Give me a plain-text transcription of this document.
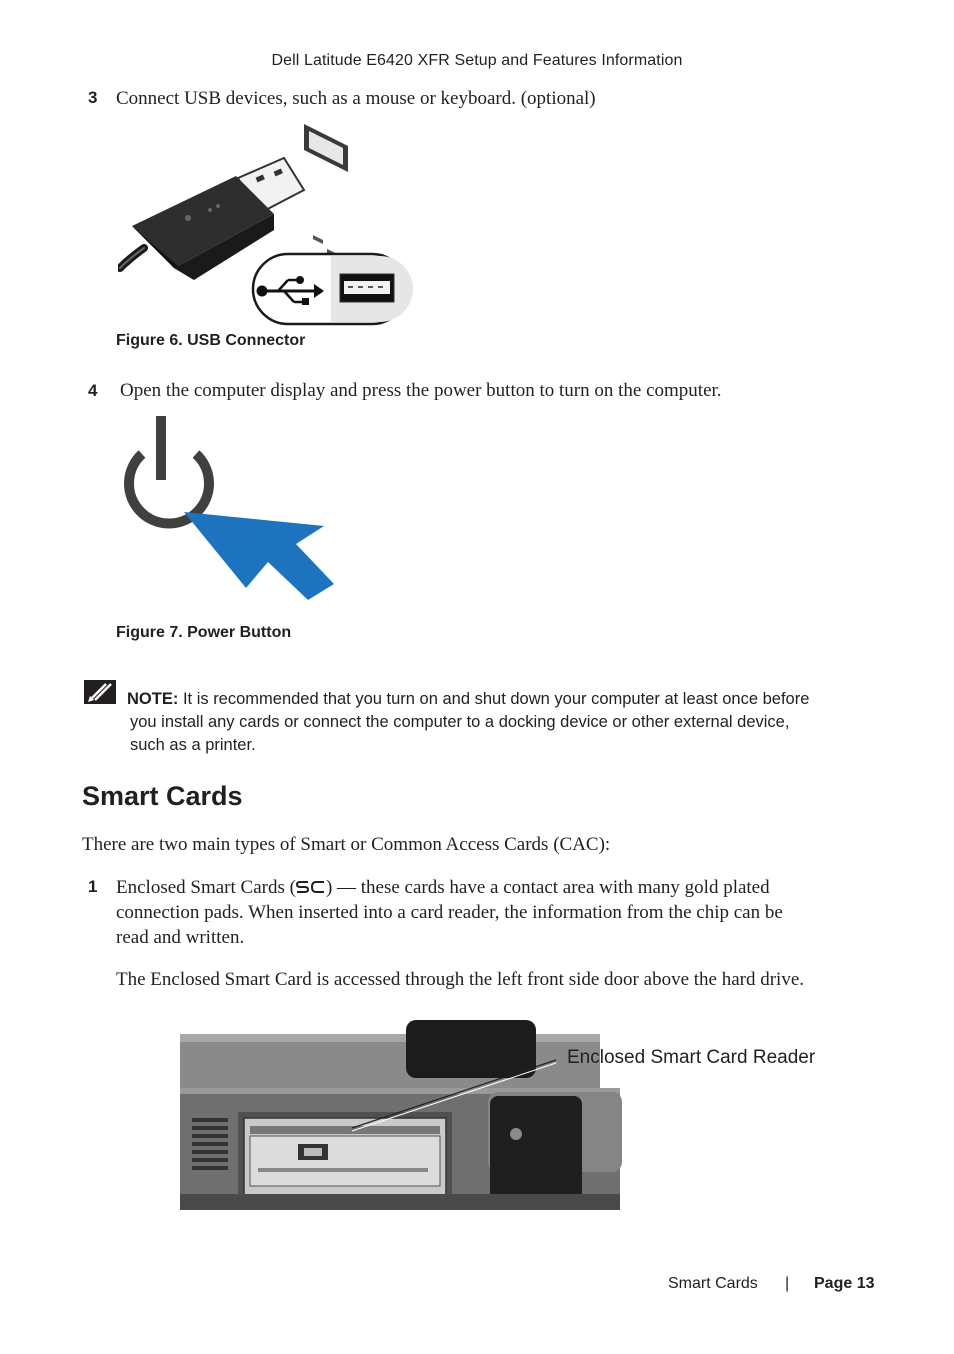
Dell Latitude E6420 XFR Setup and Features Information
3 Connect USB devices, such as a mouse or keyboard. (optional)
Figure 6. USB Connector
4 Open the computer display and press the power button to turn on the computer.
Figure 7. Power Button
NOTE: It is recommended that you turn on and shut down your computer at least once before
you install any cards or connect the computer to a docking device or other external device,
such as a printer.
Smart Cards
There are two main types of Smart or Common Access Cards (CAC):
1 Enclosed Smart Cards ( ) — these cards have a contact area with many gold plated
connection pads. When inserted into a card reader, the information from the chip can be
read and written.
The Enclosed Smart Card is accessed through the left front side door above the hard drive.
Enclosed Smart Card Reader
Smart Cards | Page 13
